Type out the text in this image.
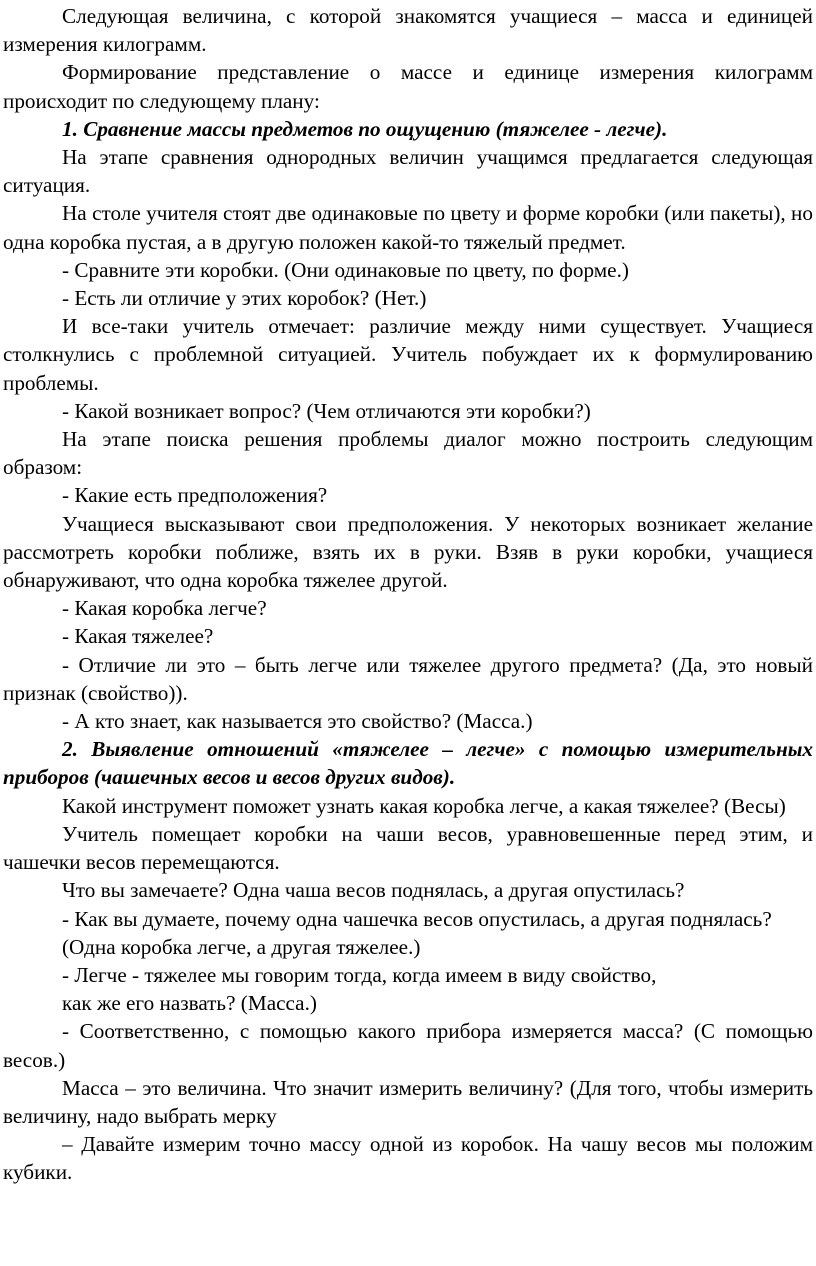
Следующая величина, с которой знакомятся учащиеся – масса и единицей измерения килограмм.

Формирование представление о массе и единице измерения килограмм происходит по следующему плану:

1. Сравнение массы предметов по ощущению (тяжелее - легче).

На этапе сравнения однородных величин учащимся предлагается следующая ситуация.

На столе учителя стоят две одинаковые по цвету и форме коробки (или пакеты), но одна коробка пустая, а в другую положен какой-то тяжелый предмет.

- Сравните эти коробки. (Они одинаковые по цвету, по форме.)

- Есть ли отличие у этих коробок? (Нет.)

И все-таки учитель отмечает: различие между ними существует. Учащиеся столкнулись с проблемной ситуацией. Учитель побуждает их к формулированию проблемы.

- Какой возникает вопрос? (Чем отличаются эти коробки?)

На этапе поиска решения проблемы диалог можно построить следующим образом:

- Какие есть предположения?

Учащиеся высказывают свои предположения. У некоторых возникает желание рассмотреть коробки поближе, взять их в руки. Взяв в руки коробки, учащиеся обнаруживают, что одна коробка тяжелее другой.

- Какая коробка легче?

- Какая тяжелее?

- Отличие ли это – быть легче или тяжелее другого предмета? (Да, это новый признак (свойство)).

- А кто знает, как называется это свойство? (Масса.)

2. Выявление отношений «тяжелее – легче» с помощью измерительных приборов (чашечных весов и весов других видов).

Какой инструмент поможет узнать какая коробка легче, а какая тяжелее? (Весы)

Учитель помещает коробки на чаши весов, уравновешенные перед этим, и чашечки весов перемещаются.

Что вы замечаете? Одна чаша весов поднялась, а другая опустилась?

- Как вы думаете, почему одна чашечка весов опустилась, а другая поднялась?

(Одна коробка легче, а другая тяжелее.)

- Легче - тяжелее мы говорим тогда, когда имеем в виду свойство,

как же его назвать? (Масса.)

- Соответственно, с помощью какого прибора измеряется масса? (С помощью весов.)

Масса – это величина. Что значит измерить величину? (Для того, чтобы измерить величину, надо выбрать мерку

– Давайте измерим точно массу одной из коробок. На чашу весов мы положим кубики.
